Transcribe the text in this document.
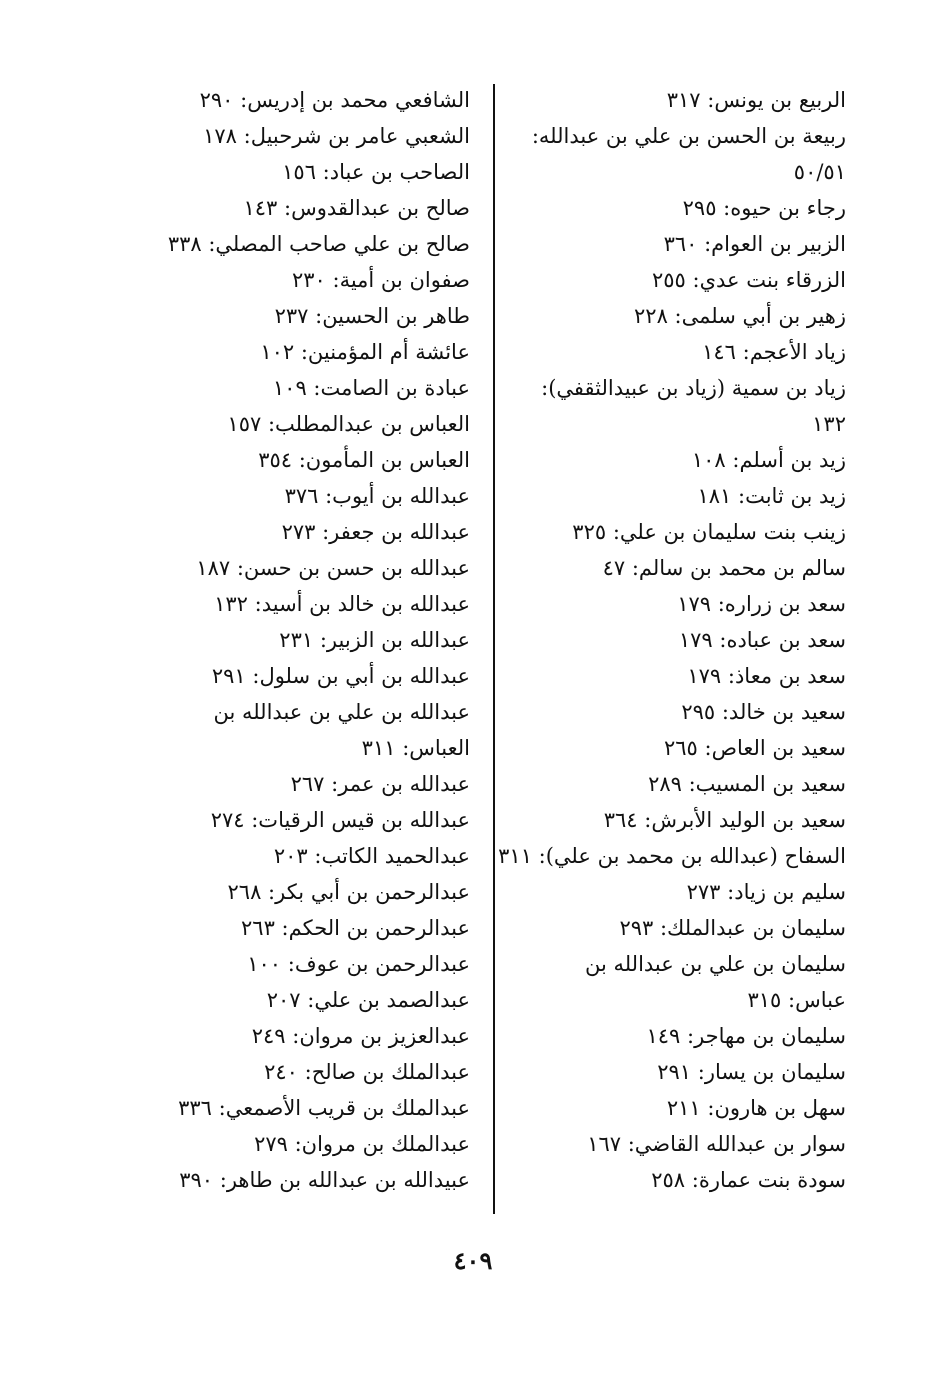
الربيع بن يونس: ٣١٧
ربيعة بن الحسن بن علي بن عبدالله: ٥٠/٥١
رجاء بن حيوه: ٢٩٥
الزبير بن العوام: ٣٦٠
الزرقاء بنت عدي: ٢٥٥
زهير بن أبي سلمى: ٢٢٨
زياد الأعجم: ١٤٦
زياد بن سمية (زياد بن عبيدالثقفي): ١٣٢
زيد بن أسلم: ١٠٨
زيد بن ثابت: ١٨١
زينب بنت سليمان بن علي: ٣٢٥
سالم بن محمد بن سالم: ٤٧
سعد بن زراره: ١٧٩
سعد بن عباده: ١٧٩
سعد بن معاذ: ١٧٩
سعيد بن خالد: ٢٩٥
سعيد بن العاص: ٢٦٥
سعيد بن المسيب: ٢٨٩
سعيد بن الوليد الأبرش: ٣٦٤
السفاح (عبدالله بن محمد بن علي): ٣١١
سليم بن زياد: ٢٧٣
سليمان بن عبدالملك: ٢٩٣
سليمان بن علي بن عبدالله بن عباس: ٣١٥
سليمان بن مهاجر: ١٤٩
سليمان بن يسار: ٢٩١
سهل بن هارون: ٢١١
سوار بن عبدالله القاضي: ١٦٧
سودة بنت عمارة: ٢٥٨
الشافعي محمد بن إدريس: ٢٩٠
الشعبي عامر بن شرحبيل: ١٧٨
الصاحب بن عباد: ١٥٦
صالح بن عبدالقدوس: ١٤٣
صالح بن علي صاحب المصلي: ٣٣٨
صفوان بن أمية: ٢٣٠
طاهر بن الحسين: ٢٣٧
عائشة أم المؤمنين: ١٠٢
عبادة بن الصامت: ١٠٩
العباس بن عبدالمطلب: ١٥٧
العباس بن المأمون: ٣٥٤
عبدالله بن أيوب: ٣٧٦
عبدالله بن جعفر: ٢٧٣
عبدالله بن حسن بن حسن: ١٨٧
عبدالله بن خالد بن أسيد: ١٣٢
عبدالله بن الزبير: ٢٣١
عبدالله بن أبي بن سلول: ٢٩١
عبدالله بن علي بن عبدالله بن العباس: ٣١١
عبدالله بن عمر: ٢٦٧
عبدالله بن قيس الرقيات: ٢٧٤
عبدالحميد الكاتب: ٢٠٣
عبدالرحمن بن أبي بكر: ٢٦٨
عبدالرحمن بن الحكم: ٢٦٣
عبدالرحمن بن عوف: ١٠٠
عبدالصمد بن علي: ٢٠٧
عبدالعزيز بن مروان: ٢٤٩
عبدالملك بن صالح: ٢٤٠
عبدالملك بن قريب الأصمعي: ٣٣٦
عبدالملك بن مروان: ٢٧٩
عبيدالله بن عبدالله بن طاهر: ٣٩٠
٤٠٩
